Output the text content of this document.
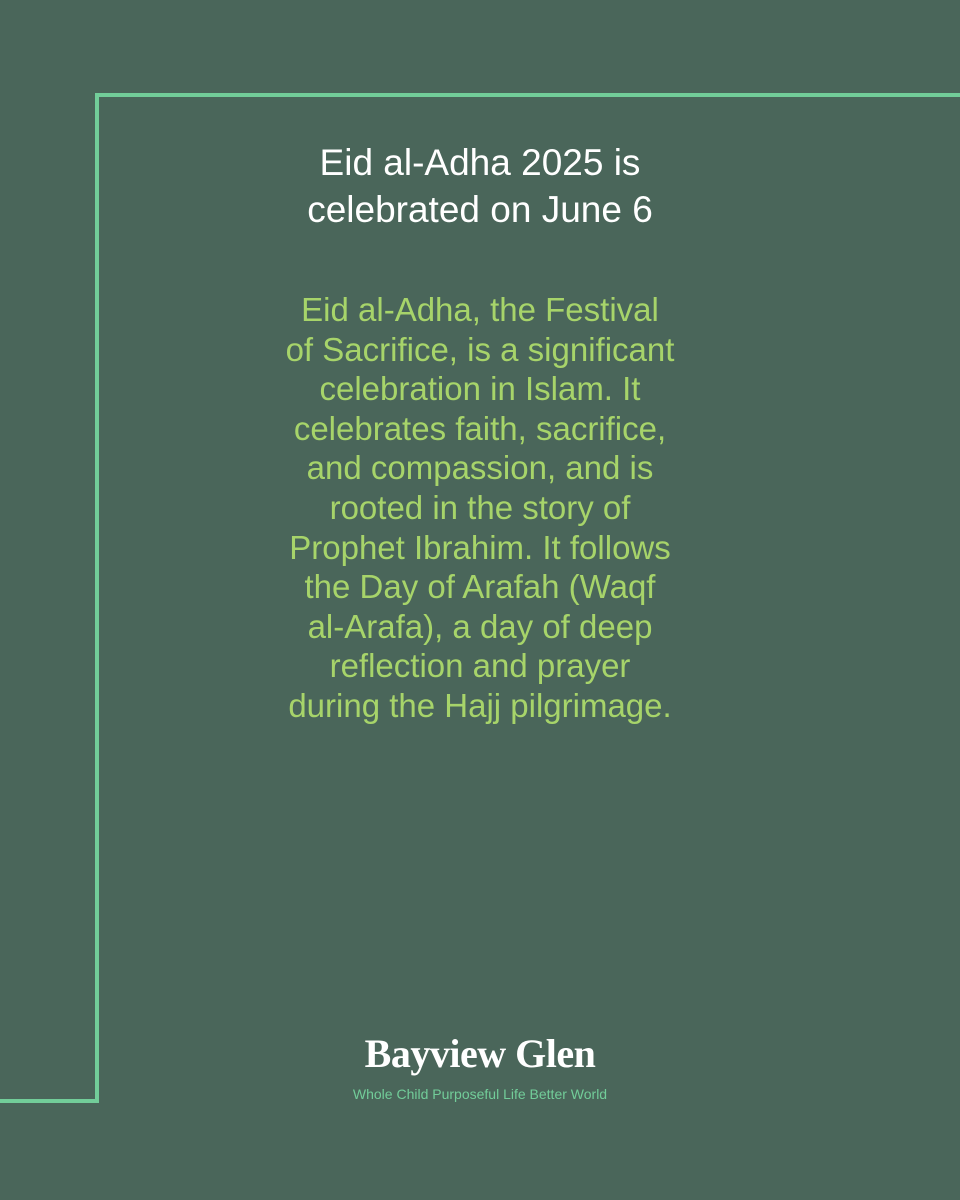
Eid al-Adha 2025 is
celebrated on June 6

Eid al-Adha, the Festival
of Sacrifice, is a significant
celebration in Islam. It
celebrates faith, sacrifice,
and compassion, and is
rooted in the story of
Prophet Ibrahim. It follows
the Day of Arafah (Waqf
al-Arafa), a day of deep
reflection and prayer
during the Hajj pilgrimage.

Bayview Glen
Whole Child Purposeful Life Better World
